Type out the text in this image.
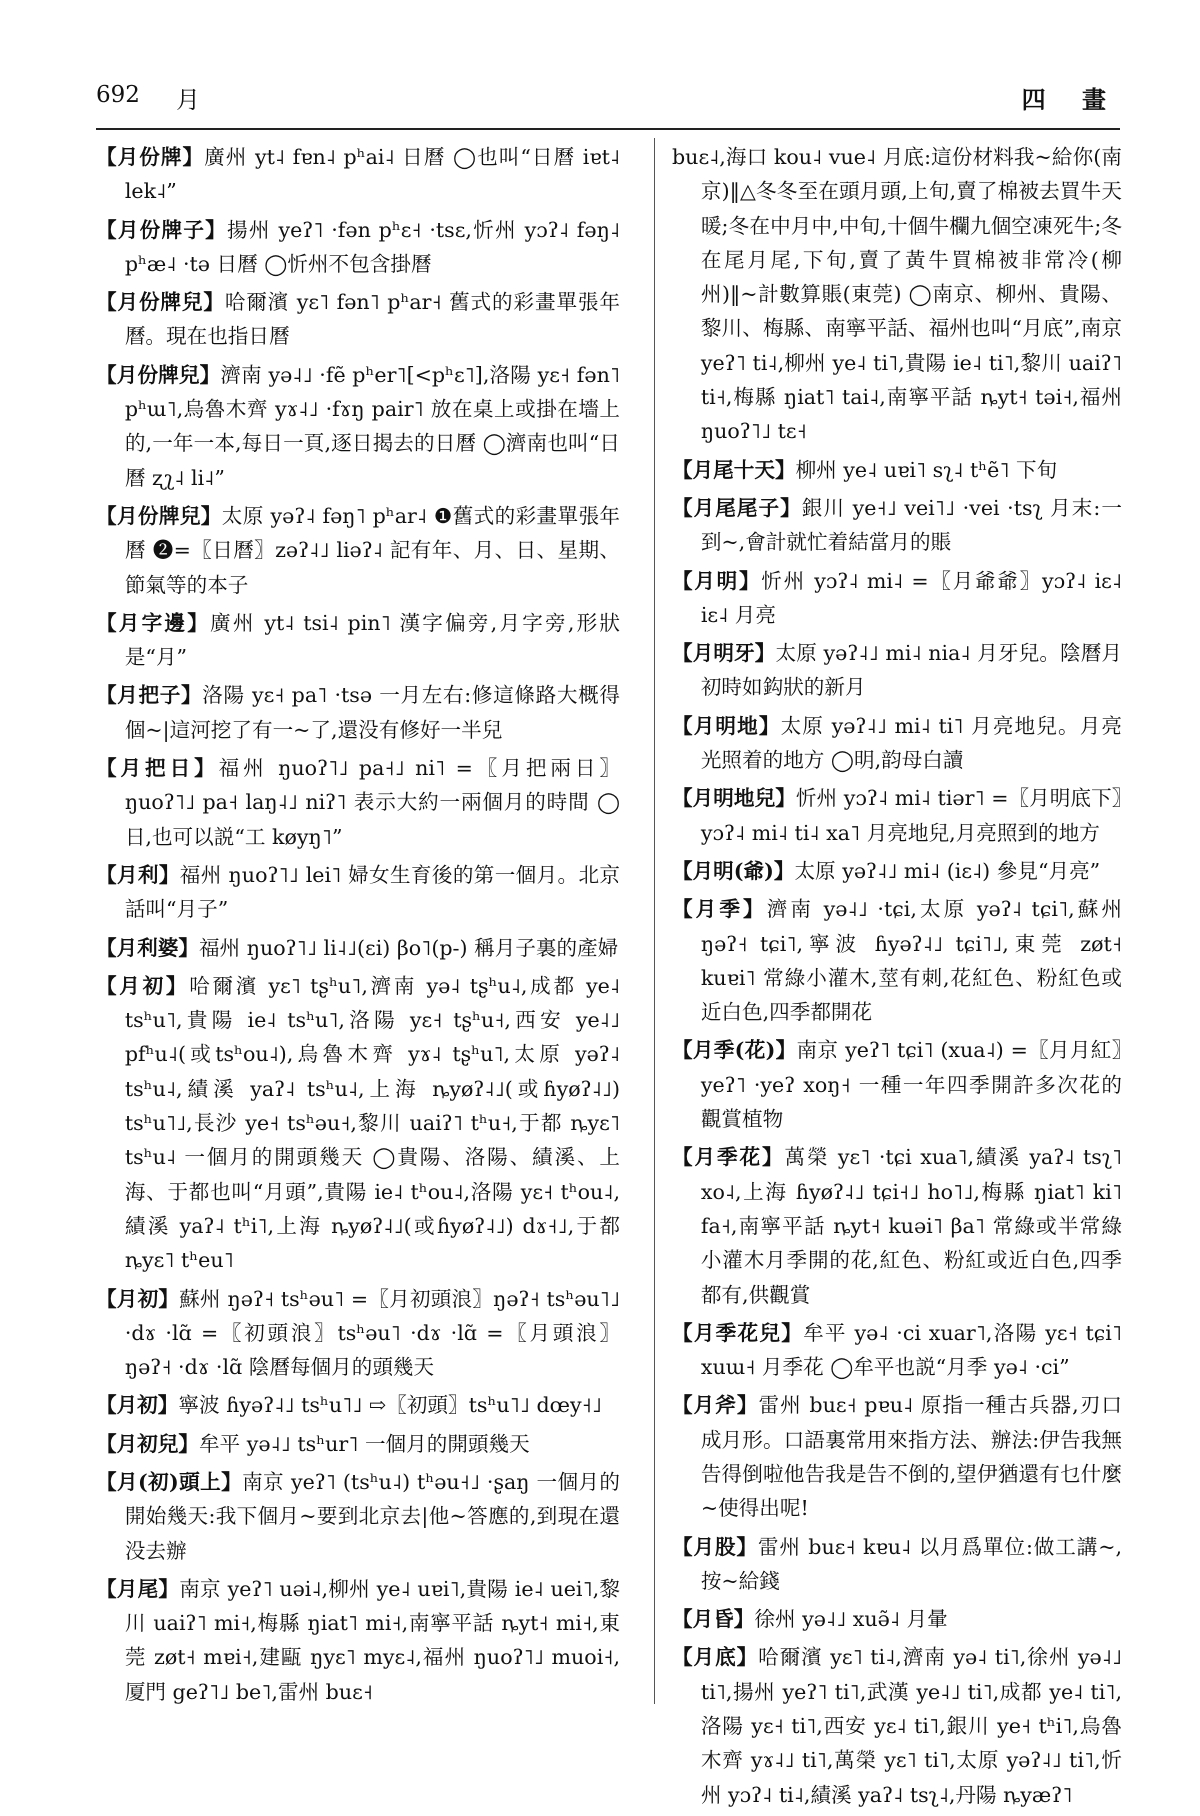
692 月	四 畫

【月份牌】廣州 yt˨ fɐn˨ pʰai˨ 日曆 ◯也叫“日曆 iɐt˨ lek˨”

【月份牌子】揚州 yeʔ˥ ·fən pʰɛ˧ ·tsɛ,忻州 yɔʔ˨ fəŋ˨ pʰæ˨ ·tə 日曆 ◯忻州不包含掛曆

【月份牌兒】哈爾濱 yɛ˥ fən˥ pʰar˧ 舊式的彩畫單張年曆。現在也指日曆

【月份牌兒】濟南 yə˨˩ ·fẽ pʰer˥[<pʰɛ˥],洛陽 yɛ˧ fən˥ pʰɯ˥,烏魯木齊 yɤ˨˩ ·fɤŋ pair˥ 放在桌上或掛在墻上的,一年一本,每日一頁,逐日揭去的日曆 ◯濟南也叫“日曆 ʐʅ˨ li˨”

【月份牌兒】太原 yəʔ˨ fəŋ˥ pʰar˨ ❶舊式的彩畫單張年曆 ❷=〖日曆〗zəʔ˨˩ liəʔ˨ 記有年、月、日、星期、節氣等的本子

【月字邊】廣州 yt˨ tsi˨ pin˥ 漢字偏旁,月字旁,形狀是“月”

【月把子】洛陽 yɛ˧ pa˥ ·tsə 一月左右:修這條路大概得個~|這河挖了有一~了,還没有修好一半兒

【月把日】福州 ŋuoʔ˥˩ pa˧˩ ni˥ =〖月把兩日〗ŋuoʔ˥˩ pa˧ laŋ˨˩ niʔ˥ 表示大約一兩個月的時間 ◯日,也可以説“工 køyŋ˥”

【月利】福州 ŋuoʔ˥˩ lei˥ 婦女生育後的第一個月。北京話叫“月子”

【月利婆】福州 ŋuoʔ˥˩ li˨˩(ɛi) βo˥(p-) 稱月子裏的產婦

【月初】哈爾濱 yɛ˥ tʂʰu˥,濟南 yə˨ tʂʰu˨,成都 ye˨ tsʰu˥,貴陽 ie˨ tsʰu˥,洛陽 yɛ˧ tʂʰu˧,西安 ye˨˩ pfʰu˨(或tsʰou˨),烏魯木齊 yɤ˨ tʂʰu˥,太原 yəʔ˨ tsʰu˨,績溪 yaʔ˨ tsʰu˨,上海 ȵyøʔ˨˩(或ɦyøʔ˨˩) tsʰu˥˩,長沙 ye˧ tsʰəu˧,黎川 uaiʔ˥ tʰu˧,于都 ȵyɛ˥ tsʰu˨ 一個月的開頭幾天 ◯貴陽、洛陽、績溪、上海、于都也叫“月頭”,貴陽 ie˨ tʰou˨,洛陽 yɛ˧ tʰou˨,績溪 yaʔ˨ tʰi˥,上海 ȵyøʔ˨˩(或ɦyøʔ˨˩) dɤ˧˩,于都 ȵyɛ˥ tʰeu˥

【月初】蘇州 ŋəʔ˧ tsʰəu˥ =〖月初頭浪〗ŋəʔ˧ tsʰəu˥˩ ·dɤ ·lɑ̃ =〖初頭浪〗tsʰəu˥ ·dɤ ·lɑ̃ =〖月頭浪〗ŋəʔ˧ ·dɤ ·lɑ̃ 陰曆每個月的頭幾天

【月初】寧波 ɦyəʔ˨˩ tsʰu˥˩ ⇨〖初頭〗tsʰu˥˩ dœy˧˩

【月初兒】牟平 yə˨˩ tsʰur˥ 一個月的開頭幾天

【月(初)頭上】南京 yeʔ˥ (tsʰu˨) tʰəu˧˩ ·ʂaŋ 一個月的開始幾天:我下個月~要到北京去|他~答應的,到現在還没去辦

【月尾】南京 yeʔ˥ uəi˨,柳州 ye˨ uɐi˥,貴陽 ie˨ uei˥,黎川 uaiʔ˥ mi˧,梅縣 ŋiat˥ mi˧,南寧平話 ȵyt˧ mi˧,東莞 zøt˧ mɐi˧,建甌 ŋyɛ˥ myɛ˨,福州 ŋuoʔ˥˩ muoi˧,厦門 geʔ˥˩ be˥,雷州 buɛ˧

buɛ˨,海口 kou˨ vue˨ 月底:這份材料我~給你(南京)‖△冬冬至在頭月頭,上旬,賣了棉被去買牛天暖;冬在中月中,中旬,十個牛欄九個空凍死牛;冬在尾月尾,下旬,賣了黃牛買棉被非常冷(柳州)‖~計數算賬(東莞) ◯南京、柳州、貴陽、黎川、梅縣、南寧平話、福州也叫“月底”,南京 yeʔ˥ ti˨,柳州 ye˨ ti˥,貴陽 ie˨ ti˥,黎川 uaiʔ˥ ti˧,梅縣 ŋiat˥ tai˨,南寧平話 ȵyt˧ təi˧,福州 ŋuoʔ˥˩ tɛ˧

【月尾十天】柳州 ye˨ uɐi˥ sʅ˨ tʰẽ˥ 下旬

【月尾尾子】銀川 ye˧˩ vei˥˩ ·vei ·tsʅ 月末:一到~,會計就忙着結當月的賬

【月明】忻州 yɔʔ˨ mi˨ =〖月爺爺〗yɔʔ˨ iɛ˨ iɛ˨ 月亮

【月明牙】太原 yəʔ˨˩ mi˨ nia˨ 月牙兒。陰曆月初時如鈎狀的新月

【月明地】太原 yəʔ˨˩ mi˨ ti˥ 月亮地兒。月亮光照着的地方 ◯明,韵母白讀

【月明地兒】忻州 yɔʔ˨ mi˨ tiər˥ =〖月明底下〗yɔʔ˨ mi˨ ti˨ xa˥ 月亮地兒,月亮照到的地方

【月明(爺)】太原 yəʔ˨˩ mi˨ (iɛ˨) 參見“月亮”

【月季】濟南 yə˨˩ ·tɕi,太原 yəʔ˨ tɕi˥,蘇州 ŋəʔ˧ tɕi˥,寧波 ɦyəʔ˨˩ tɕi˥˩,東莞 zøt˧ kuɐi˥ 常綠小灌木,莖有刺,花紅色、粉紅色或近白色,四季都開花

【月季(花)】南京 yeʔ˥ tɕi˥ (xua˨) =〖月月紅〗yeʔ˥ ·yeʔ xoŋ˧ 一種一年四季開許多次花的觀賞植物

【月季花】萬榮 yɛ˥ ·tɕi xua˥,績溪 yaʔ˨ tsʅ˥ xo˨,上海 ɦyøʔ˨˩ tɕi˧˩ ho˥˩,梅縣 ŋiat˥ ki˥ fa˧,南寧平話 ȵyt˧ kuəi˥ βa˥ 常綠或半常綠小灌木月季開的花,紅色、粉紅或近白色,四季都有,供觀賞

【月季花兒】牟平 yə˨ ·ci xuar˥,洛陽 yɛ˧ tɕi˥ xuɯ˧ 月季花 ◯牟平也説“月季 yə˨ ·ci”

【月斧】雷州 buɛ˧ pɐu˨ 原指一種古兵器,刃口成月形。口語裏常用來指方法、辦法:伊告我無告得倒啦他告我是告不倒的,望伊猶還有乜什麼~使得出呢!

【月股】雷州 buɛ˧ kɐu˨ 以月爲單位:做工講~,按~給錢

【月昏】徐州 yə˨˩ xuə̃˨ 月暈

【月底】哈爾濱 yɛ˥ ti˨,濟南 yə˨ ti˥,徐州 yə˨˩ ti˥,揚州 yeʔ˥ ti˥,武漢 ye˨˩ ti˥,成都 ye˨ ti˥,洛陽 yɛ˧ ti˥,西安 yɛ˨ ti˥,銀川 ye˧ tʰi˥,烏魯木齊 yɤ˨˩ ti˥,萬榮 yɛ˥ ti˥,太原 yəʔ˨˩ ti˥,忻州 yɔʔ˨ ti˨,績溪 yaʔ˨ tsʅ˨,丹陽 ȵyæʔ˥
